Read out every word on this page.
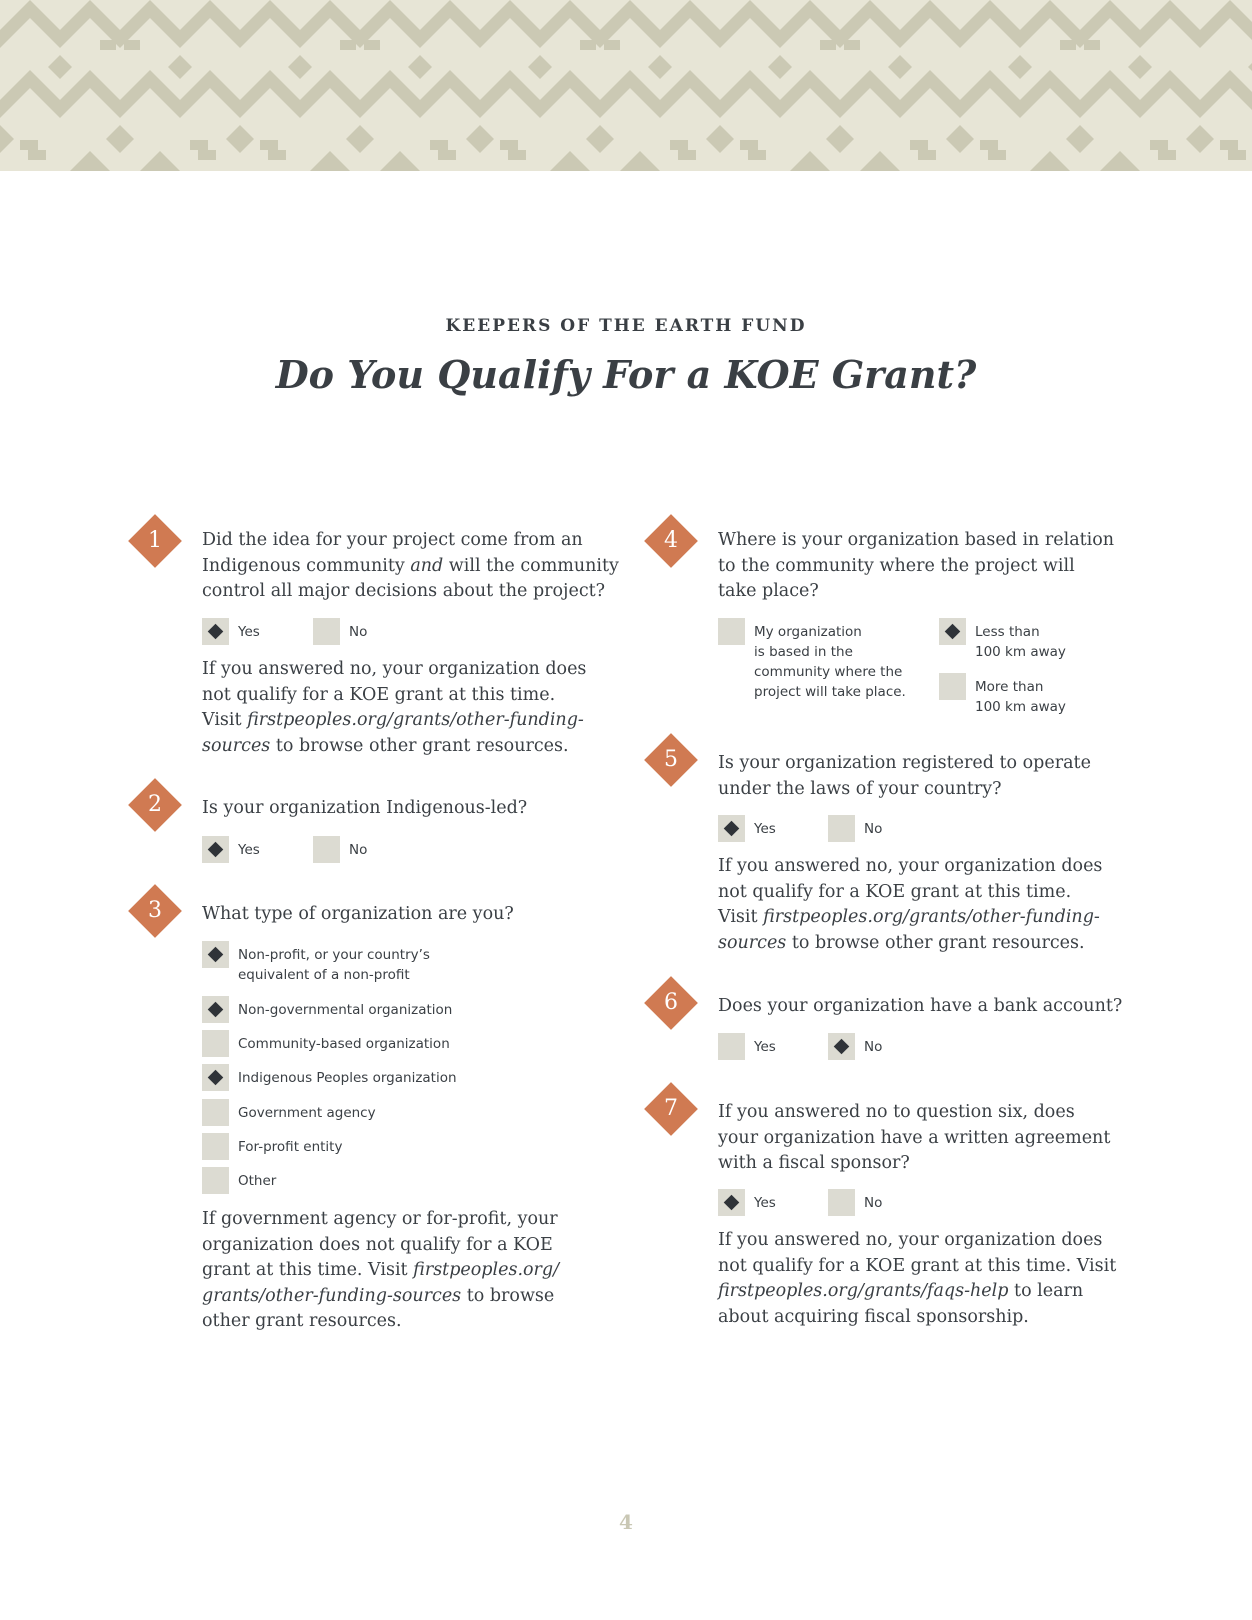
KEEPERS OF THE EARTH FUND
Do You Qualify For a KOE Grant?
1	Did the idea for your project come from an Indigenous community and will the community control all major decisions about the project?
Yes	No
If you answered no, your organization does not qualify for a KOE grant at this time. Visit firstpeoples.org/grants/other-funding-sources to browse other grant resources.
2	Is your organization Indigenous-led?
Yes	No
3	What type of organization are you?
Non-profit, or your country’s
equivalent of a non-profit
Non-governmental organization
Community-based organization
Indigenous Peoples organization
Government agency
For-profit entity
Other
If government agency or for-profit, your organization does not qualify for a KOE grant at this time. Visit firstpeoples.org/ grants/other-funding-sources to browse other grant resources.
4	Where is your organization based in relation to the community where the project will take place?
My organization
is based in the
community where the
project will take place.
Less than
100 km away
More than
100 km away
5	Is your organization registered to operate under the laws of your country?
Yes	No
If you answered no, your organization does not qualify for a KOE grant at this time. Visit firstpeoples.org/grants/other-funding-sources to browse other grant resources.
6	Does your organization have a bank account?
Yes	No
7	If you answered no to question six, does your organization have a written agreement with a fiscal sponsor?
Yes	No
If you answered no, your organization does not qualify for a KOE grant at this time. Visit firstpeoples.org/grants/faqs-help to learn about acquiring fiscal sponsorship.
4
